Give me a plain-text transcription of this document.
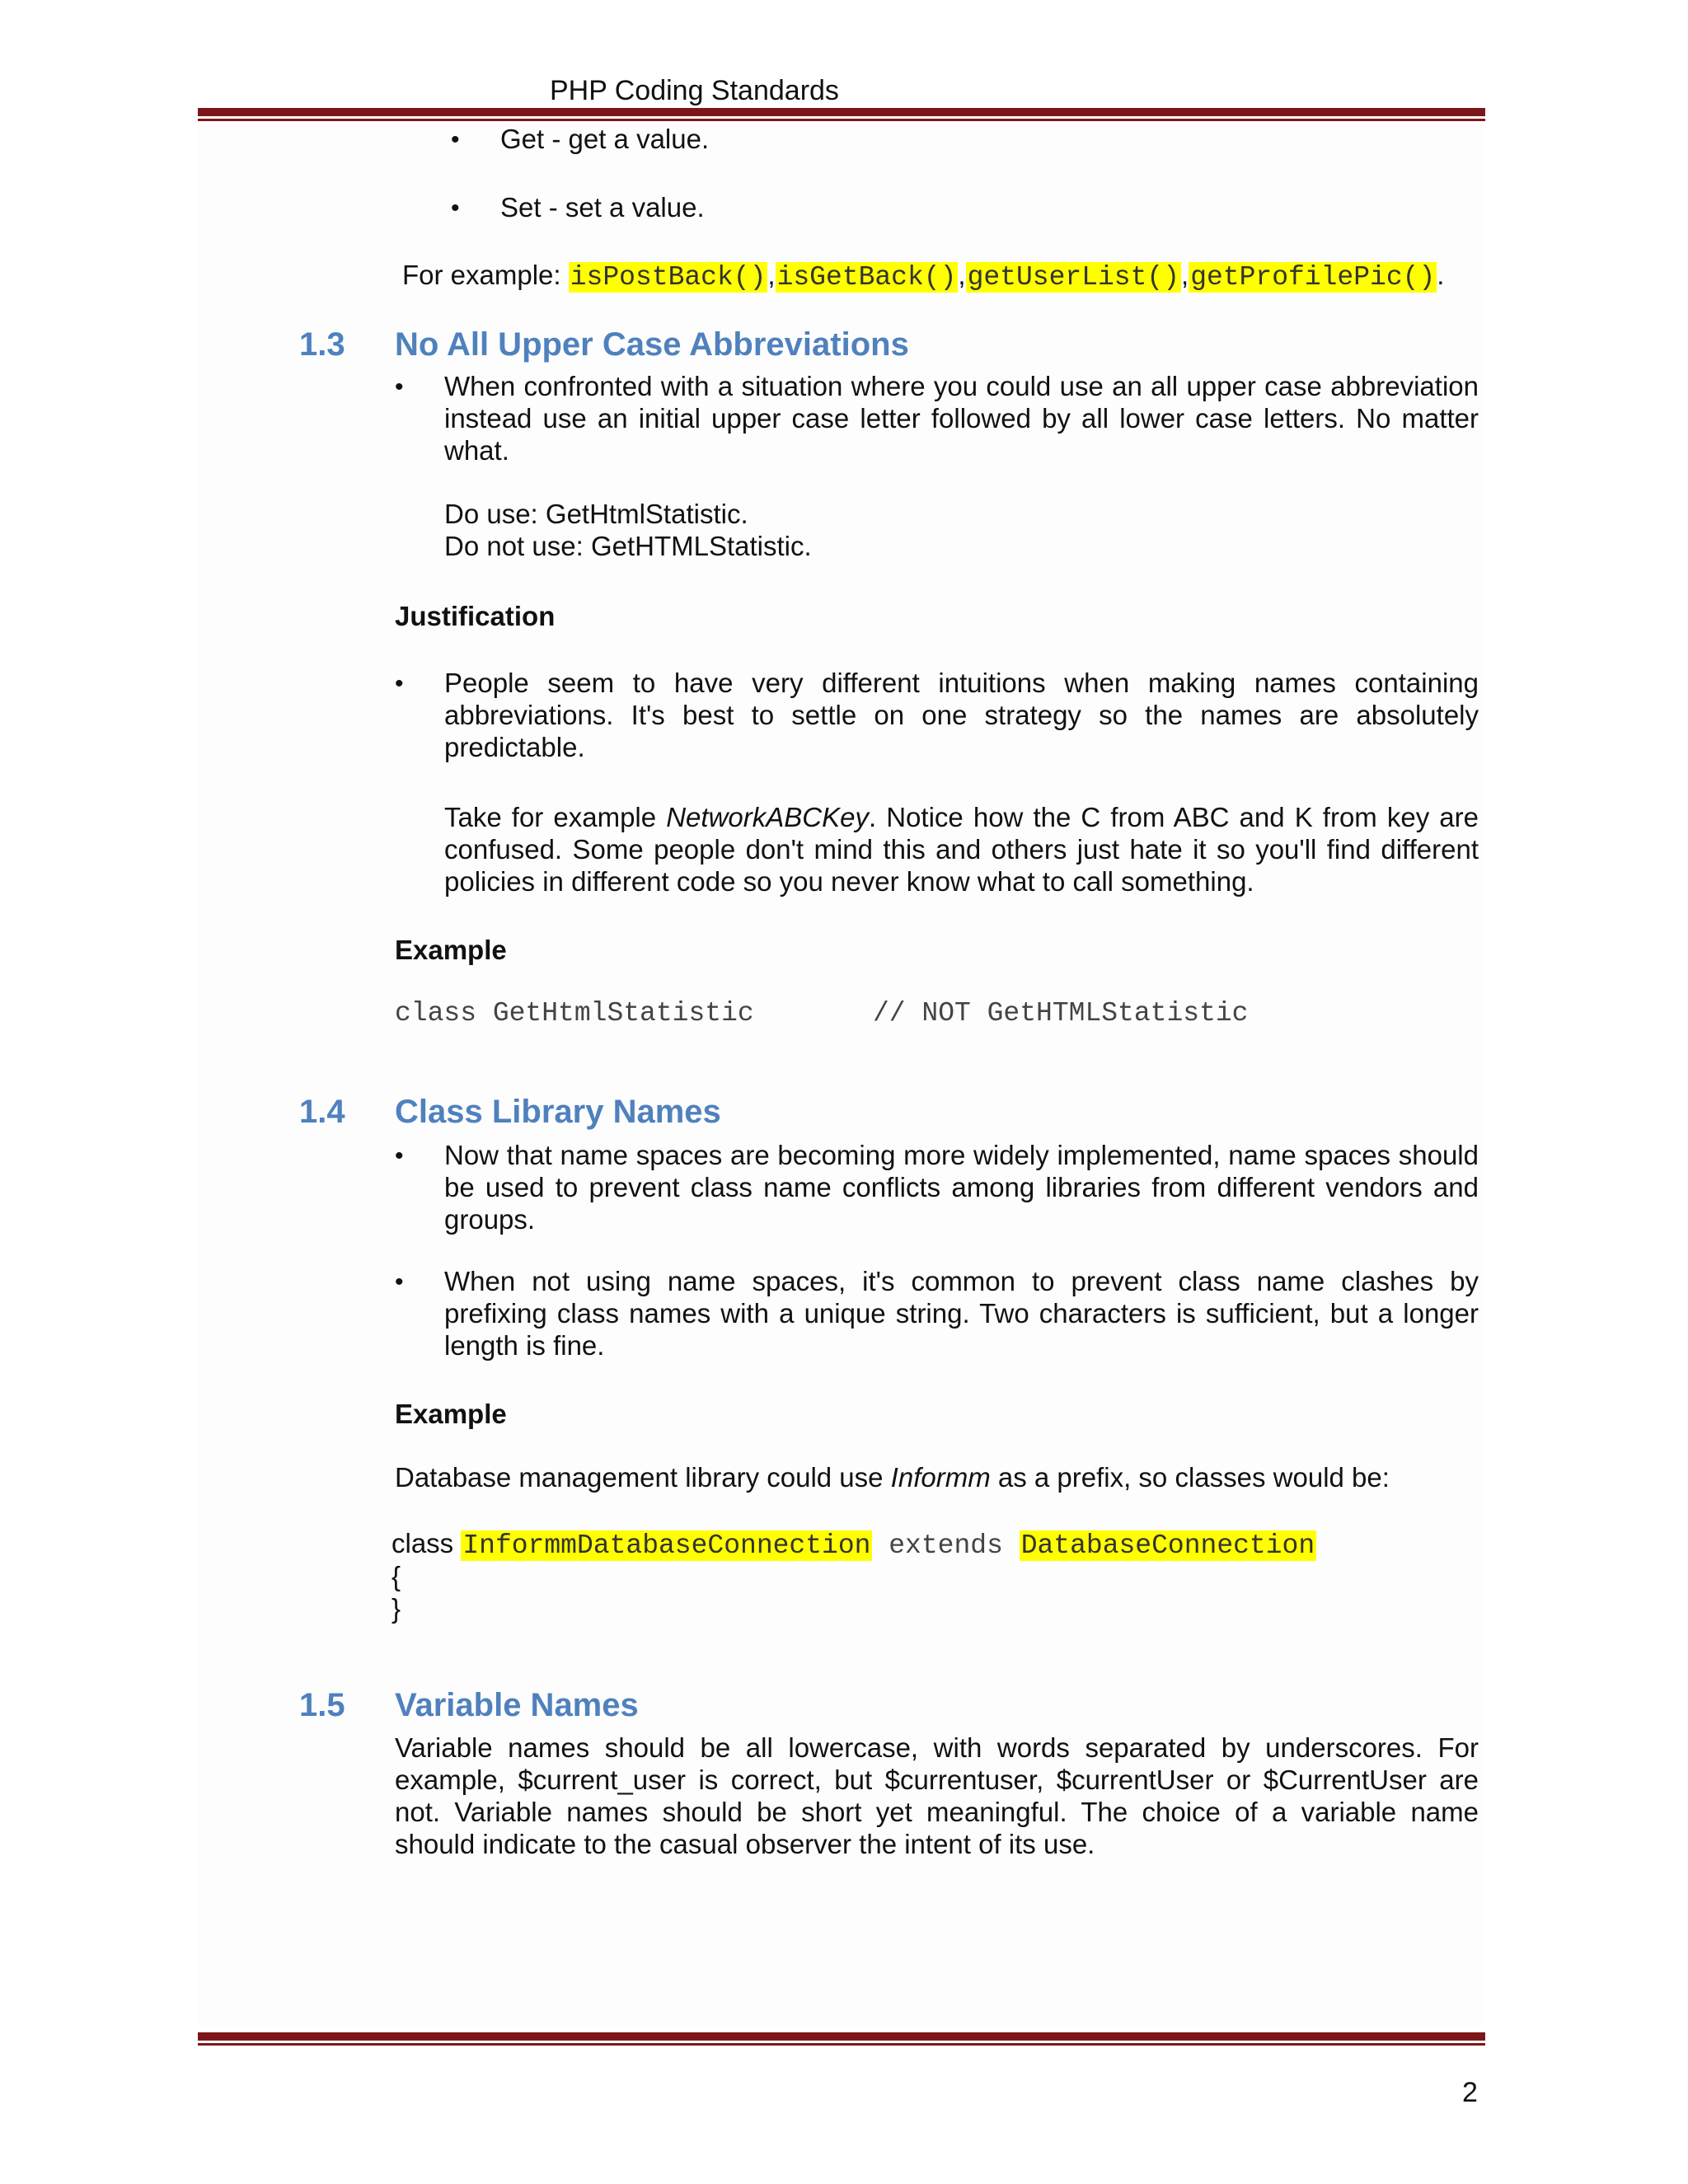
PHP Coding Standards
• Get - get a value.
• Set - set a value.
For example: isPostBack(),isGetBack(),getUserList(),getProfilePic().
1.3 No All Upper Case Abbreviations
• When confronted with a situation where you could use an all upper case abbreviation instead use an initial upper case letter followed by all lower case letters. No matter what.
Do use: GetHtmlStatistic.
Do not use: GetHTMLStatistic.
Justification
• People seem to have very different intuitions when making names containing abbreviations. It's best to settle on one strategy so the names are absolutely predictable.
Take for example NetworkABCKey. Notice how the C from ABC and K from key are confused. Some people don't mind this and others just hate it so you'll find different policies in different code so you never know what to call something.
Example
class GetHtmlStatistic	// NOT GetHTMLStatistic
1.4 Class Library Names
• Now that name spaces are becoming more widely implemented, name spaces should be used to prevent class name conflicts among libraries from different vendors and groups.
• When not using name spaces, it's common to prevent class name clashes by prefixing class names with a unique string. Two characters is sufficient, but a longer length is fine.
Example
Database management library could use Informm as a prefix, so classes would be:
class InformmDatabaseConnection extends DatabaseConnection
{
}
1.5 Variable Names
Variable names should be all lowercase, with words separated by underscores. For example, $current_user is correct, but $currentuser, $currentUser or $CurrentUser are not. Variable names should be short yet meaningful. The choice of a variable name should indicate to the casual observer the intent of its use.
2
